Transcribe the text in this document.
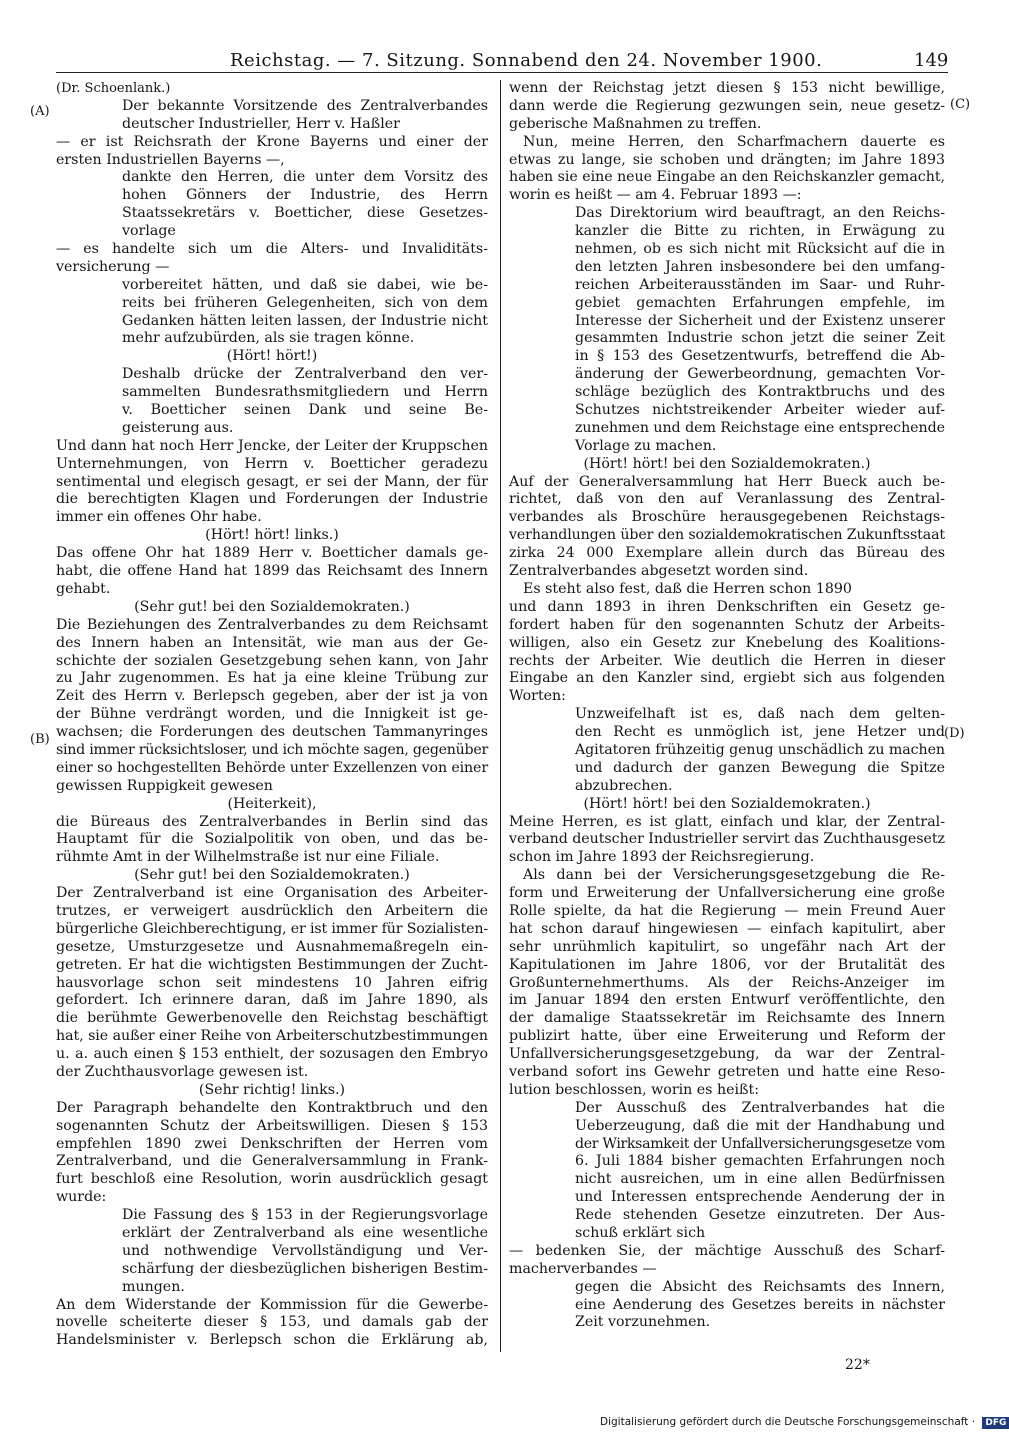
Reichstag. — 7. Sitzung. Sonnabend den 24. November 1900.	149
(A)
(B)
(C)
(D)
(Dr. Schoenlank.)
Der bekannte Vorsitzende des Zentralverbandes
deutscher Industrieller, Herr v. Haßler
— er ist Reichsrath der Krone Bayerns und einer der
ersten Industriellen Bayerns —,
dankte den Herren, die unter dem Vorsitz des
hohen Gönners der Industrie, des Herrn
Staatssekretärs v. Boetticher, diese Gesetzes-
vorlage
— es handelte sich um die Alters- und Invaliditäts-
versicherung —
vorbereitet hätten, und daß sie dabei, wie be-
reits bei früheren Gelegenheiten, sich von dem
Gedanken hätten leiten lassen, der Industrie nicht
mehr aufzubürden, als sie tragen könne.
(Hört! hört!)
Deshalb drücke der Zentralverband den ver-
sammelten Bundesrathsmitgliedern und Herrn
v. Boetticher seinen Dank und seine Be-
geisterung aus.
Und dann hat noch Herr Jencke, der Leiter der Kruppschen
Unternehmungen, von Herrn v. Boetticher geradezu
sentimental und elegisch gesagt, er sei der Mann, der für
die berechtigten Klagen und Forderungen der Industrie
immer ein offenes Ohr habe.
(Hört! hört! links.)
Das offene Ohr hat 1889 Herr v. Boetticher damals ge-
habt, die offene Hand hat 1899 das Reichsamt des Innern
gehabt.
(Sehr gut! bei den Sozialdemokraten.)
Die Beziehungen des Zentralverbandes zu dem Reichsamt
des Innern haben an Intensität, wie man aus der Ge-
schichte der sozialen Gesetzgebung sehen kann, von Jahr
zu Jahr zugenommen. Es hat ja eine kleine Trübung zur
Zeit des Herrn v. Berlepsch gegeben, aber der ist ja von
der Bühne verdrängt worden, und die Innigkeit ist ge-
wachsen; die Forderungen des deutschen Tammanyringes
sind immer rücksichtsloser, und ich möchte sagen, gegenüber
einer so hochgestellten Behörde unter Exzellenzen von einer
gewissen Ruppigkeit gewesen
(Heiterkeit),
die Büreaus des Zentralverbandes in Berlin sind das
Hauptamt für die Sozialpolitik von oben, und das be-
rühmte Amt in der Wilhelmstraße ist nur eine Filiale.
(Sehr gut! bei den Sozialdemokraten.)
Der Zentralverband ist eine Organisation des Arbeiter-
trutzes, er verweigert ausdrücklich den Arbeitern die
bürgerliche Gleichberechtigung, er ist immer für Sozialisten-
gesetze, Umsturzgesetze und Ausnahmemaßregeln ein-
getreten. Er hat die wichtigsten Bestimmungen der Zucht-
hausvorlage schon seit mindestens 10 Jahren eifrig
gefordert. Ich erinnere daran, daß im Jahre 1890, als
die berühmte Gewerbenovelle den Reichstag beschäftigt
hat, sie außer einer Reihe von Arbeiterschutzbestimmungen
u. a. auch einen § 153 enthielt, der sozusagen den Embryo
der Zuchthausvorlage gewesen ist.
(Sehr richtig! links.)
Der Paragraph behandelte den Kontraktbruch und den
sogenannten Schutz der Arbeitswilligen. Diesen § 153
empfehlen 1890 zwei Denkschriften der Herren vom
Zentralverband, und die Generalversammlung in Frank-
furt beschloß eine Resolution, worin ausdrücklich gesagt
wurde:
Die Fassung des § 153 in der Regierungsvorlage
erklärt der Zentralverband als eine wesentliche
und nothwendige Vervollständigung und Ver-
schärfung der diesbezüglichen bisherigen Bestim-
mungen.
An dem Widerstande der Kommission für die Gewerbe-
novelle scheiterte dieser § 153, und damals gab der
Handelsminister v. Berlepsch schon die Erklärung ab,
wenn der Reichstag jetzt diesen § 153 nicht bewillige,
dann werde die Regierung gezwungen sein, neue gesetz-
geberische Maßnahmen zu treffen.
Nun, meine Herren, den Scharfmachern dauerte es
etwas zu lange, sie schoben und drängten; im Jahre 1893
haben sie eine neue Eingabe an den Reichskanzler gemacht,
worin es heißt — am 4. Februar 1893 —:
Das Direktorium wird beauftragt, an den Reichs-
kanzler die Bitte zu richten, in Erwägung zu
nehmen, ob es sich nicht mit Rücksicht auf die in
den letzten Jahren insbesondere bei den umfang-
reichen Arbeiterausständen im Saar- und Ruhr-
gebiet gemachten Erfahrungen empfehle, im
Interesse der Sicherheit und der Existenz unserer
gesammten Industrie schon jetzt die seiner Zeit
in § 153 des Gesetzentwurfs, betreffend die Ab-
änderung der Gewerbeordnung, gemachten Vor-
schläge bezüglich des Kontraktbruchs und des
Schutzes nichtstreikender Arbeiter wieder auf-
zunehmen und dem Reichstage eine entsprechende
Vorlage zu machen.
(Hört! hört! bei den Sozialdemokraten.)
Auf der Generalversammlung hat Herr Bueck auch be-
richtet, daß von den auf Veranlassung des Zentral-
verbandes als Broschüre herausgegebenen Reichstags-
verhandlungen über den sozialdemokratischen Zukunftsstaat
zirka 24 000 Exemplare allein durch das Büreau des
Zentralverbandes abgesetzt worden sind.
Es steht also fest, daß die Herren schon 1890
und dann 1893 in ihren Denkschriften ein Gesetz ge-
fordert haben für den sogenannten Schutz der Arbeits-
willigen, also ein Gesetz zur Knebelung des Koalitions-
rechts der Arbeiter. Wie deutlich die Herren in dieser
Eingabe an den Kanzler sind, ergiebt sich aus folgenden
Worten:
Unzweifelhaft ist es, daß nach dem gelten-
den Recht es unmöglich ist, jene Hetzer und
Agitatoren frühzeitig genug unschädlich zu machen
und dadurch der ganzen Bewegung die Spitze
abzubrechen.
(Hört! hört! bei den Sozialdemokraten.)
Meine Herren, es ist glatt, einfach und klar, der Zentral-
verband deutscher Industrieller servirt das Zuchthausgesetz
schon im Jahre 1893 der Reichsregierung.
Als dann bei der Versicherungsgesetzgebung die Re-
form und Erweiterung der Unfallversicherung eine große
Rolle spielte, da hat die Regierung — mein Freund Auer
hat schon darauf hingewiesen — einfach kapitulirt, aber
sehr unrühmlich kapitulirt, so ungefähr nach Art der
Kapitulationen im Jahre 1806, vor der Brutalität des
Großunternehmerthums. Als der Reichs-Anzeiger im
im Januar 1894 den ersten Entwurf veröffentlichte, den
der damalige Staatssekretär im Reichsamte des Innern
publizirt hatte, über eine Erweiterung und Reform der
Unfallversicherungsgesetzgebung, da war der Zentral-
verband sofort ins Gewehr getreten und hatte eine Reso-
lution beschlossen, worin es heißt:
Der Ausschuß des Zentralverbandes hat die
Ueberzeugung, daß die mit der Handhabung und
der Wirksamkeit der Unfallversicherungsgesetze vom
6. Juli 1884 bisher gemachten Erfahrungen noch
nicht ausreichen, um in eine allen Bedürfnissen
und Interessen entsprechende Aenderung der in
Rede stehenden Gesetze einzutreten. Der Aus-
schuß erklärt sich
— bedenken Sie, der mächtige Ausschuß des Scharf-
macherverbandes —
gegen die Absicht des Reichsamts des Innern,
eine Aenderung des Gesetzes bereits in nächster
Zeit vorzunehmen.
22*
Digitalisierung gefördert durch die Deutsche Forschungsgemeinschaft · DFG
